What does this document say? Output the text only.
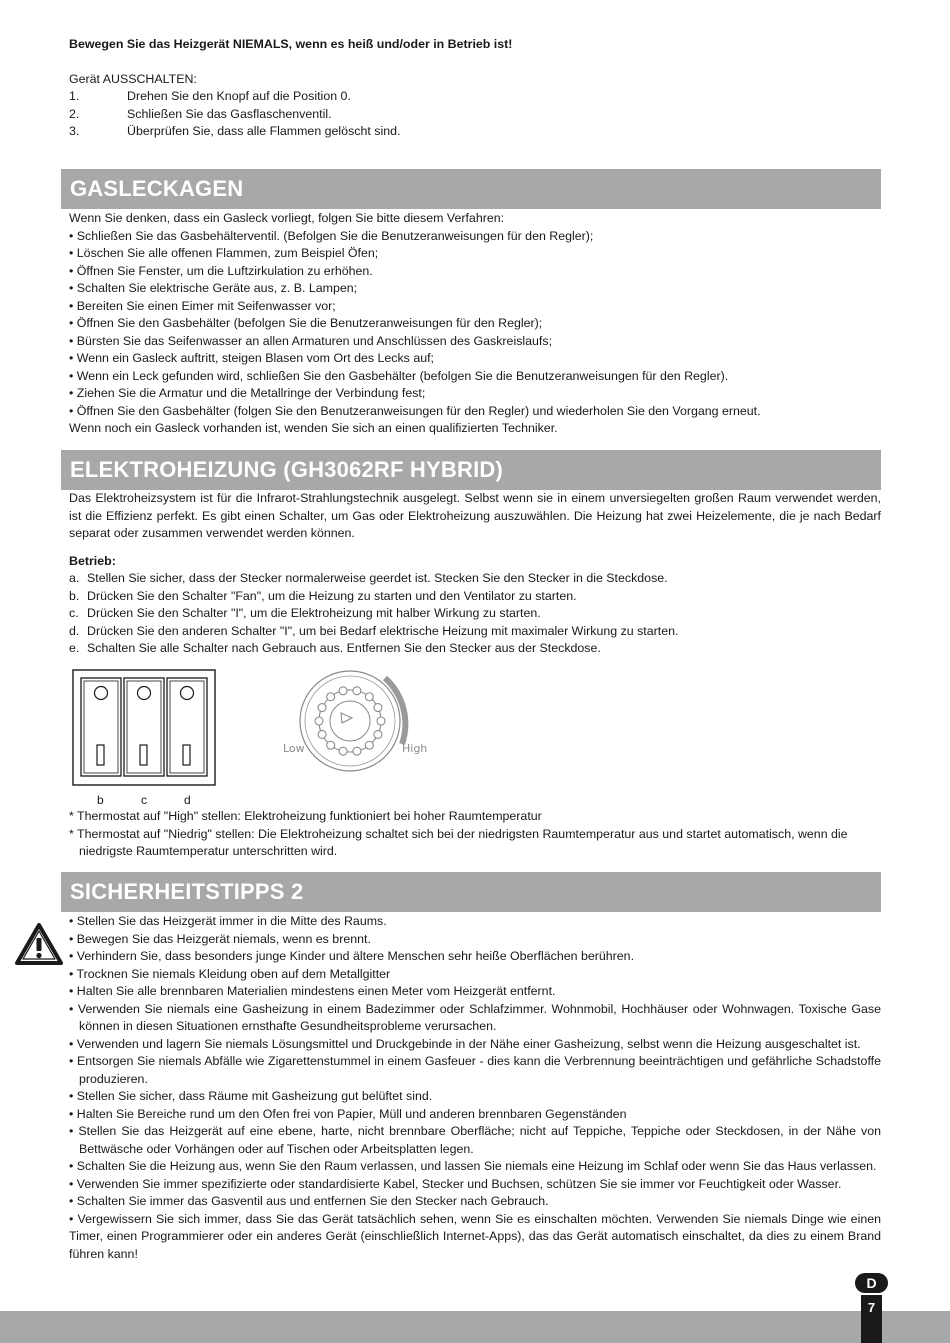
Bewegen Sie das Heizgerät NIEMALS, wenn es heiß und/oder in Betrieb ist!

Gerät AUSSCHALTEN:

1.	Drehen Sie den Knopf auf die Position 0.
2.	Schließen Sie das Gasflaschenventil.
3.	Überprüfen Sie, dass alle Flammen gelöscht sind.
GASLECKAGEN

Wenn Sie denken, dass ein Gasleck vorliegt, folgen Sie bitte diesem Verfahren:

• Schließen Sie das Gasbehälterventil. (Befolgen Sie die Benutzeranweisungen für den Regler);

• Löschen Sie alle offenen Flammen, zum Beispiel Öfen;

• Öffnen Sie Fenster, um die Luftzirkulation zu erhöhen.

• Schalten Sie elektrische Geräte aus, z. B. Lampen;

• Bereiten Sie einen Eimer mit Seifenwasser vor;

• Öffnen Sie den Gasbehälter (befolgen Sie die Benutzeranweisungen für den Regler);

• Bürsten Sie das Seifenwasser an allen Armaturen und Anschlüssen des Gaskreislaufs;

• Wenn ein Gasleck auftritt, steigen Blasen vom Ort des Lecks auf;

• Wenn ein Leck gefunden wird, schließen Sie den Gasbehälter (befolgen Sie die Benutzeranweisungen für den Regler).

• Ziehen Sie die Armatur und die Metallringe der Verbindung fest;

• Öffnen Sie den Gasbehälter (folgen Sie den Benutzeranweisungen für den Regler) und wiederholen Sie den Vorgang erneut.

Wenn noch ein Gasleck vorhanden ist, wenden Sie sich an einen qualifizierten Techniker.

ELEKTROHEIZUNG (GH3062RF HYBRID)

Das Elektroheizsystem ist für die Infrarot-Strahlungstechnik ausgelegt. Selbst wenn sie in einem unversiegelten großen Raum verwendet werden, ist die Effizienz perfekt. Es gibt einen Schalter, um Gas oder Elektroheizung auszuwählen. Die Heizung hat zwei Heizelemente, die je nach Bedarf separat oder zusammen verwendet werden können.

Betrieb:

a. Stellen Sie sicher, dass der Stecker normalerweise geerdet ist. Stecken Sie den Stecker in die Steckdose.

b. Drücken Sie den Schalter "Fan", um die Heizung zu starten und den Ventilator zu starten.

c. Drücken Sie den Schalter "I", um die Elektroheizung mit halber Wirkung zu starten.

d. Drücken Sie den anderen Schalter "I", um bei Bedarf elektrische Heizung mit maximaler Wirkung zu starten.

e. Schalten Sie alle Schalter nach Gebrauch aus. Entfernen Sie den Stecker aus der Steckdose.

b	c	d
Low	High

* Thermostat auf "High" stellen: Elektroheizung funktioniert bei hoher Raumtemperatur

* Thermostat auf "Niedrig" stellen: Die Elektroheizung schaltet sich bei der niedrigsten Raumtemperatur aus und startet automatisch, wenn die niedrigste Raumtemperatur unterschritten wird.

SICHERHEITSTIPPS 2

• Stellen Sie das Heizgerät immer in die Mitte des Raums.

• Bewegen Sie das Heizgerät niemals, wenn es brennt.

• Verhindern Sie, dass besonders junge Kinder und ältere Menschen sehr heiße Oberflächen berühren.

• Trocknen Sie niemals Kleidung oben auf dem Metallgitter

• Halten Sie alle brennbaren Materialien mindestens einen Meter vom Heizgerät entfernt.

• Verwenden Sie niemals eine Gasheizung in einem Badezimmer oder Schlafzimmer. Wohnmobil, Hochhäuser oder Wohnwagen. Toxische Gase können in diesen Situationen ernsthafte Gesundheitsprobleme verursachen.

• Verwenden und lagern Sie niemals Lösungsmittel und Druckgebinde in der Nähe einer Gasheizung, selbst wenn die Heizung ausgeschaltet ist.

• Entsorgen Sie niemals Abfälle wie Zigarettenstummel in einem Gasfeuer - dies kann die Verbrennung beeinträchtigen und gefährliche Schadstoffe produzieren.

• Stellen Sie sicher, dass Räume mit Gasheizung gut belüftet sind.

• Halten Sie Bereiche rund um den Ofen frei von Papier, Müll und anderen brennbaren Gegenständen

• Stellen Sie das Heizgerät auf eine ebene, harte, nicht brennbare Oberfläche; nicht auf Teppiche, Teppiche oder Steckdosen, in der Nähe von Bettwäsche oder Vorhängen oder auf Tischen oder Arbeitsplatten legen.

• Schalten Sie die Heizung aus, wenn Sie den Raum verlassen, und lassen Sie niemals eine Heizung im Schlaf oder wenn Sie das Haus verlassen.

• Verwenden Sie immer spezifizierte oder standardisierte Kabel, Stecker und Buchsen, schützen Sie sie immer vor Feuchtigkeit oder Wasser.

• Schalten Sie immer das Gasventil aus und entfernen Sie den Stecker nach Gebrauch.

• Vergewissern Sie sich immer, dass Sie das Gerät tatsächlich sehen, wenn Sie es einschalten möchten. Verwenden Sie niemals Dinge wie einen Timer, einen Programmierer oder ein anderes Gerät (einschließlich Internet-Apps), das das Gerät automatisch einschaltet, da dies zu einem Brand führen kann!

D
7
